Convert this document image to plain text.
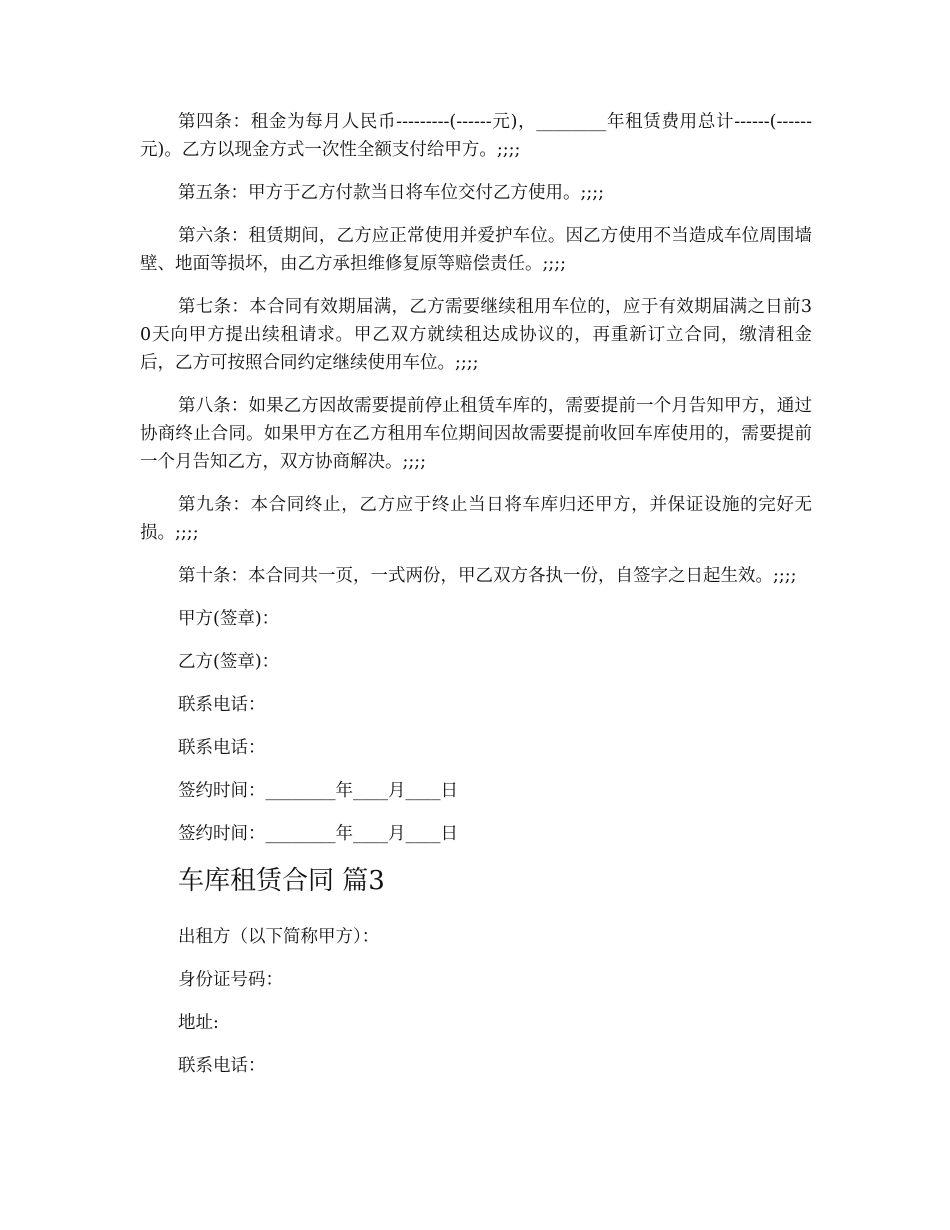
第四条：租金为每月人民币---------(------元)，________年租赁费用总计------(------元)。乙方以现金方式一次性全额支付给甲方。;;;;

第五条：甲方于乙方付款当日将车位交付乙方使用。;;;;

第六条：租赁期间，乙方应正常使用并爱护车位。因乙方使用不当造成车位周围墙壁、地面等损坏，由乙方承担维修复原等赔偿责任。;;;;

第七条：本合同有效期届满，乙方需要继续租用车位的，应于有效期届满之日前30天向甲方提出续租请求。甲乙双方就续租达成协议的，再重新订立合同，缴清租金后，乙方可按照合同约定继续使用车位。;;;;

第八条：如果乙方因故需要提前停止租赁车库的，需要提前一个月告知甲方，通过协商终止合同。如果甲方在乙方租用车位期间因故需要提前收回车库使用的，需要提前一个月告知乙方，双方协商解决。;;;;

第九条：本合同终止，乙方应于终止当日将车库归还甲方，并保证设施的完好无损。;;;;

第十条：本合同共一页，一式两份，甲乙双方各执一份，自签字之日起生效。;;;;

甲方(签章)：
乙方(签章)：
联系电话：
联系电话：
签约时间：________年____月____日
签约时间：________年____月____日
车库租赁合同 篇3
出租方（以下简称甲方）：
身份证号码：
地址:
联系电话：
